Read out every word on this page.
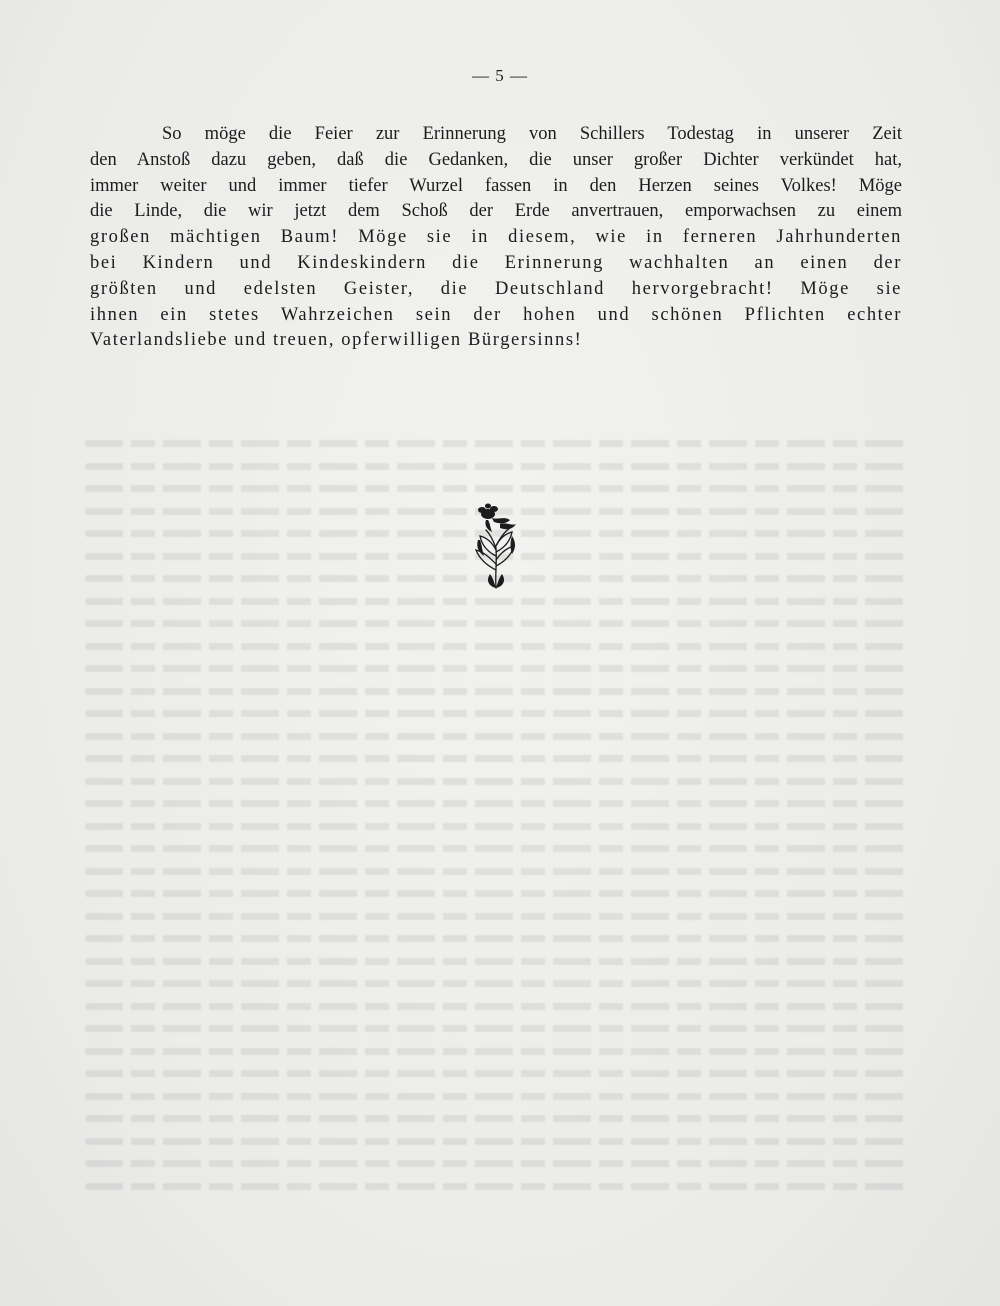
— 5 —
So möge die Feier zur Erinnerung von Schillers Todestag in unserer Zeit
den Anstoß dazu geben, daß die Gedanken, die unser großer Dichter verkündet hat,
immer weiter und immer tiefer Wurzel fassen in den Herzen seines Volkes! Möge
die Linde, die wir jetzt dem Schoß der Erde anvertrauen, emporwachsen zu einem
großen mächtigen Baum! Möge sie in diesem, wie in ferneren Jahrhunderten
bei Kindern und Kindeskindern die Erinnerung wachhalten an einen der
größten und edelsten Geister, die Deutschland hervorgebracht! Möge sie
ihnen ein stetes Wahrzeichen sein der hohen und schönen Pflichten echter
Vaterlandsliebe und treuen, opferwilligen Bürgersinns!
